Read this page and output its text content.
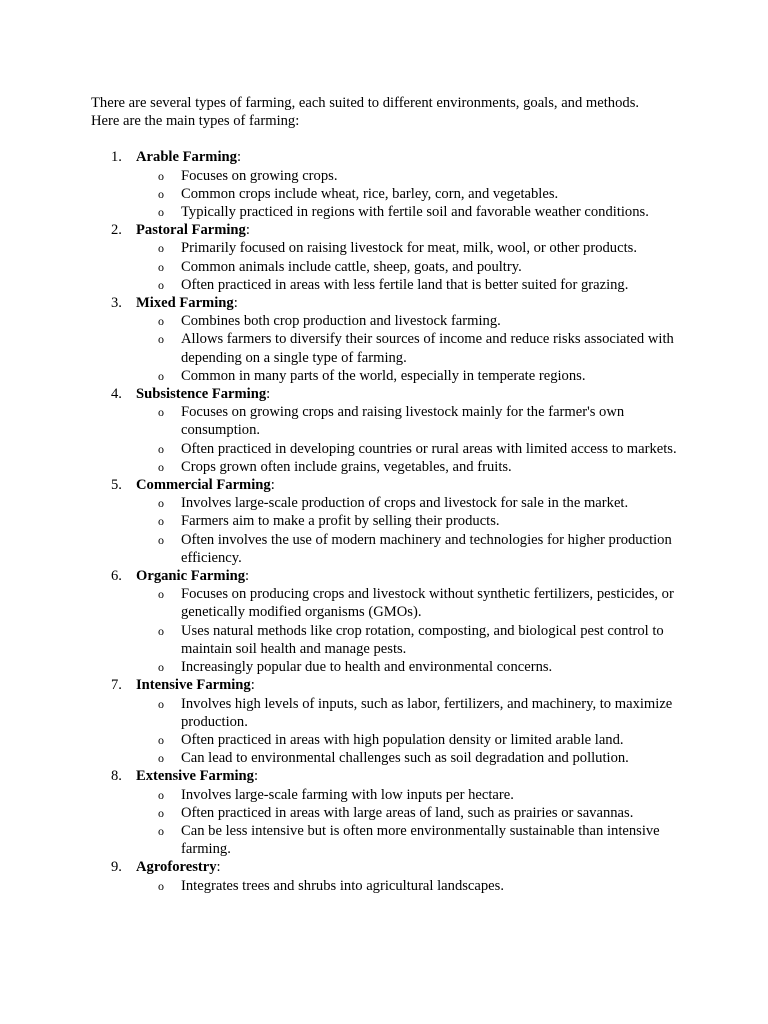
There are several types of farming, each suited to different environments, goals, and methods. Here are the main types of farming:

1. Arable Farming:
o Focuses on growing crops.
o Common crops include wheat, rice, barley, corn, and vegetables.
o Typically practiced in regions with fertile soil and favorable weather conditions.
2. Pastoral Farming:
o Primarily focused on raising livestock for meat, milk, wool, or other products.
o Common animals include cattle, sheep, goats, and poultry.
o Often practiced in areas with less fertile land that is better suited for grazing.
3. Mixed Farming:
o Combines both crop production and livestock farming.
o Allows farmers to diversify their sources of income and reduce risks associated with depending on a single type of farming.
o Common in many parts of the world, especially in temperate regions.
4. Subsistence Farming:
o Focuses on growing crops and raising livestock mainly for the farmer's own consumption.
o Often practiced in developing countries or rural areas with limited access to markets.
o Crops grown often include grains, vegetables, and fruits.
5. Commercial Farming:
o Involves large-scale production of crops and livestock for sale in the market.
o Farmers aim to make a profit by selling their products.
o Often involves the use of modern machinery and technologies for higher production efficiency.
6. Organic Farming:
o Focuses on producing crops and livestock without synthetic fertilizers, pesticides, or genetically modified organisms (GMOs).
o Uses natural methods like crop rotation, composting, and biological pest control to maintain soil health and manage pests.
o Increasingly popular due to health and environmental concerns.
7. Intensive Farming:
o Involves high levels of inputs, such as labor, fertilizers, and machinery, to maximize production.
o Often practiced in areas with high population density or limited arable land.
o Can lead to environmental challenges such as soil degradation and pollution.
8. Extensive Farming:
o Involves large-scale farming with low inputs per hectare.
o Often practiced in areas with large areas of land, such as prairies or savannas.
o Can be less intensive but is often more environmentally sustainable than intensive farming.
9. Agroforestry:
o Integrates trees and shrubs into agricultural landscapes.
